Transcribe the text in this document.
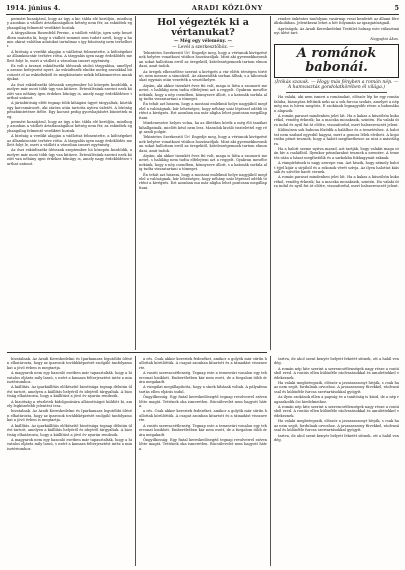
1914. június 4.	ARADI KÖZLÖNY	5

perméri hozzájárul, hogy az ügy a kir. tábla elé kerüljön, minthogy azonban a vádlott ártatlanságához kétség nem fér, az esküdtek egyhangúlag felmentő verdiktet hoztak.

A tárgyaláson Rosenfeld Ferenc, a vádlott védője, igen szép beszédben mutatta ki, hogy a vádlott semmit sem tudott arról, hogy a hamis okirat valótlan adatokat tartalmaz s így bűnösség nem terhelheti.

A bíróság a verdikt alapján a vádlottat felmentette, a költségeket az államkincstár terhére rótta. A tárgyalás igen nagy érdeklődés mellett folyt le, mert a vádlott a városban ismert egyéniség.

Ez volt a tavaszi esküdtszéki ülésszak utolsó tárgyalása, amellyel a szezon befejezést nyert. Az esküdtszék elnöke meleg szavakkal búcsúzott el az esküdtektől és megköszönte nekik lelkiismeretes munkájukat.

Az őszi esküdtszéki ülésszak szeptember hó közepén kezdődik, amelyre már most több ügy van kitűzve. Értesülésünk szerint ezek között van néhány igen érdekes bűnügy is, amely nagy érdeklődésre tarthat számot.

A járásbíróság előtt tegnap több kihágási ügyet tárgyaltak, köztük egy korcsmárosét, aki záróra után tartotta nyitva üzletét. A bíróság pénzbüntetésre ítélte. Egy kocsist pedig gyorshajtásért büntettek meg.

perméri hozzájárul, hogy az ügy a kir. tábla elé kerüljön, minthogy azonban a vádlott ártatlanságához kétség nem fér, az esküdtek egyhangúlag felmentő verdiktet hoztak.

A bíróság a verdikt alapján a vádlottat felmentette, a költségeket az államkincstár terhére rótta. A tárgyalás igen nagy érdeklődés mellett folyt le, mert a vádlott a városban ismert egyéniség.

Az őszi esküdtszéki ülésszak szeptember hó közepén kezdődik, amelyre már most több ügy van kitűzve. Értesülésünk szerint ezek között van néhány igen érdekes bűnügy is, amely nagy érdeklődésre tarthat számot.

Hol végezték ki a vértanukat?
— Még egy vélemény. —
— Levél a szerkesztőhöz. —

Tekintetes Szerkesztő Úr! Engedje meg, hogy a vértanuk kivégzésének helyére vonatkozó vitához hozzászóljak. Mint aki gyermekkoromban sokat hallottam erről az öregektől, kötelességemnek tartom elmondani, amit tudok.

Az öregek elbeszélése szerint a kivégzés a vár előtti térségen történt, nem messze a sáncoktól. Az akasztófák sorban álltak, s a tábornokokat egymás után vezették a vesztőhelyre.

Atyám, aki akkor tizenkét éves fiú volt, maga is látta a szomorú menetet, s haláláig nem tudta elfelejteni azt a reggelt. Gyakran mesélte nekünk, hogy a nép csendben, könnyezve állott, s a katonák sorfala alig tudta visszatartani a tömeget.

Én tehát azt hiszem, hogy a mostani emlékmű helye nagyjából megfelel a valóságnak, bár lehetséges, hogy néhány száz lépéssel odébb történt a kivégzés. Ezt azonban ma már aligha lehet pontosan megállapítani.

Mindenesetre helyes volna, ha az illetékes körök a még élő tanúkat kihallgatnák, mielőtt késő nem lesz. Maradok kiváló tisztelettel egy régi aradi polgár.

Tekintetes Szerkesztő Úr! Engedje meg, hogy a vértanuk kivégzésének helyére vonatkozó vitához hozzászóljak. Mint aki gyermekkoromban sokat hallottam erről az öregektől, kötelességemnek tartom elmondani, amit tudok.

Atyám, aki akkor tizenkét éves fiú volt, maga is látta a szomorú menetet, s haláláig nem tudta elfelejteni azt a reggelt. Gyakran mesélte nekünk, hogy a nép csendben, könnyezve állott, s a katonák sorfala alig tudta visszatartani a tömeget.

Én tehát azt hiszem, hogy a mostani emlékmű helye nagyjából megfelel a valóságnak, bár lehetséges, hogy néhány száz lépéssel odébb történt a kivégzés. Ezt azonban ma már aligha lehet pontosan megállapítani.

rendes önkéntes tanfolyam vasárnap veszi kezdetét az állami főreáliskolában. Jelentkezni lehet a hét folyamán az igazgatóságnál.

Apróságok. Az Aradi Kereskedelmi Testület holnap este választmányi ülést tart.

Nagyajtai Ákos.

A románok babonái.

(Írókás szavak. — Hogy más fényben a román nép. — A hamvasztás gondolatkörében él világa.)

Ha valaki, aki nem ismeri a románokat, először lép be egy román faluba, bizonyára feltűnik neki az a sok furcsa szokás, amelyet a nép még ma is híven megőriz. E szokások legnagyobb része a babonákon alapszik.

A román paraszt mindenben jelet lát. Ha a kakas a küszöbön kukorékol, vendég érkezik; ha a macska mosakszik, szintén. Ha valaki útra indul és nyúl fut át előtte, visszafordul, mert balszerencsét jelent.

Különösen sok babona fűződik a halálhoz és a temetéshez. A halottat nem szabad egyedül hagyni, mert a gonosz lélek elviheti. A koporsóba pénzt tesznek, hogy a halott megfizethesse az utat a másvilágra.

Ha a halott szeme nyitva marad, azt tartják, hogy valakit maga után hív a családból. Ilyenkor pénzdarabot tesznek a szemére. A temetés után a házat megfüstölik és a sarkokba fokhagymát raknak.

A vámpírhitnek is nagy szerepe van. Azt hiszik, hogy némely halott éjjel kijár a sírjából és a rokonok vérét szívja. Az ilyen halottat kiássák és szívébe karót vernek.

A román paraszt mindenben jelet lát. Ha a kakas a küszöbön kukorékol, vendég érkezik; ha a macska mosakszik, szintén. Ha valaki útra indul és nyúl fut át előtte, visszafordul, mert balszerencsét jelent.

hivatalnak. Az Aradi Kereskedelmi és Iparkamara legutóbbi ülésén elhatározta, hogy az iparosok továbbképzését szolgáló tanfolyamokat a jövő évben is megtartja.

A magyarok nem egy hasonló esetben már tapasztalták, hogy a hivatalos eljárás mily lassú, s ezért a kamara felterjesztést intéz a minisztériumhoz.

A kiállítás. Az iparkiállítás előkészítő bizottsága tegnap délután ülést tartott, amelyen a kiállítás helyéről és idejéről tárgyaltak. A bizottság elhatározta, hogy a kiállítást a jövő év nyarán rendezik.

A bizottság a részletek kidolgozására albizottságot küldött ki, amely legközelebb jelentést tesz.

hivatalnak. Az Aradi Kereskedelmi és Iparkamara legutóbbi ülésén elhatározta, hogy az iparosok továbbképzését szolgáló tanfolyamokat a jövő évben is megtartja.

A kiállítás. Az iparkiállítás előkészítő bizottsága tegnap délután ülést tartott, amelyen a kiállítás helyéről és idejéről tárgyaltak. A bizottság elhatározta, hogy a kiállítást a jövő év nyarán rendezik.

A magyarok nem egy hasonló esetben már tapasztalták, hogy a hivatalos eljárás mily lassú, s ezért a kamara felterjesztést intéz a minisztériumhoz.

a rés. Csak akkor kerestek fedezéket, amikor a golyók már sűrűn hullottak körülöttük. A csapat azonban kitartott és a támadást visszaverte.

A vasúti szerencsétlenség. Tegnap este a temesvári vonalon egy tehervonat kisiklott. Emberéletben kár nem esett, de a forgalom több órára megakadt.

A vizsgálat megállapította, hogy a sínek hibásak voltak. A pályafenntartás ellen eljárás indul.

Öngyilkosság. Egy fiatal kereskedősegéd tegnap revolverrel szíven lőtte magát. Tettének oka ismeretlen. Búcsúlevelet nem hagyott hátra.

a rés. Csak akkor kerestek fedezéket, amikor a golyók már sűrűn hullottak körülöttük. A csapat azonban kitartott és a támadást visszaverte.

A vasúti szerencsétlenség. Tegnap este a temesvári vonalon egy tehervonat kisiklott. Emberéletben kár nem esett, de a forgalom több órára megakadt.

Öngyilkosság. Egy fiatal kereskedősegéd tegnap revolverrel szíven lőtte magát. Tettének oka ismeretlen. Búcsúlevelet nem hagyott hátra.

tartva, de ahol szent kenyér helyett feketét sütnek, ott a halál vendég.

A román nép hite szerint a szerencsétlenségek nagy része a rontásból ered. A rontás ellen különféle ráolvasásokkal és amulettekkel védekeznek.

Ha valaki megbetegszik, először a javasasszonyt hívják, s csak ha az nem segít, fordulnak orvoshoz. A javasasszony füvekkel, ráolvasással és különféle furcsa szertartásokkal gyógyít.

Az ilyen szokások ellen a papság és a tanítóság is küzd, de a nép ragaszkodik ősi hiedelmeihez.

A román nép hite szerint a szerencsétlenségek nagy része a rontásból ered. A rontás ellen különféle ráolvasásokkal és amulettekkel védekeznek.

Ha valaki megbetegszik, először a javasasszonyt hívják, s csak ha az nem segít, fordulnak orvoshoz. A javasasszony füvekkel, ráolvasással és különféle furcsa szertartásokkal gyógyít.

tartva, de ahol szent kenyér helyett feketét sütnek, ott a halál vendég.
